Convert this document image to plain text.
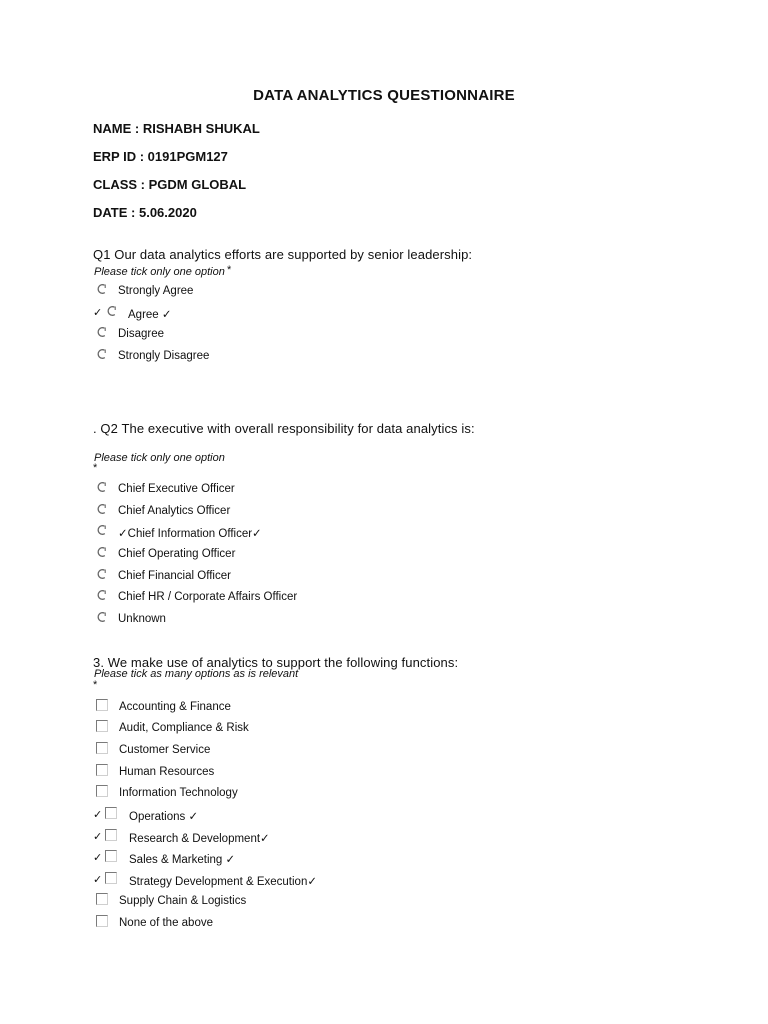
DATA ANALYTICS QUESTIONNAIRE
NAME : RISHABH SHUKAL
ERP ID : 0191PGM127
CLASS : PGDM GLOBAL
DATE : 5.06.2020
Q1 Our data analytics efforts are supported by senior leadership:
Please tick only one option *
Strongly Agree
✓ Agree ✓
Disagree
Strongly Disagree
. Q2 The executive with overall responsibility for data analytics is:
Please tick only one option
*
Chief Executive Officer
Chief Analytics Officer
✓Chief Information Officer✓
Chief Operating Officer
Chief Financial Officer
Chief HR / Corporate Affairs Officer
Unknown
3. We make use of analytics to support the following functions:
Please tick as many options as is relevant
*
Accounting & Finance
Audit, Compliance & Risk
Customer Service
Human Resources
Information Technology
✓ Operations ✓
✓ Research & Development✓
✓ Sales & Marketing ✓
✓ Strategy Development & Execution✓
Supply Chain & Logistics
None of the above
